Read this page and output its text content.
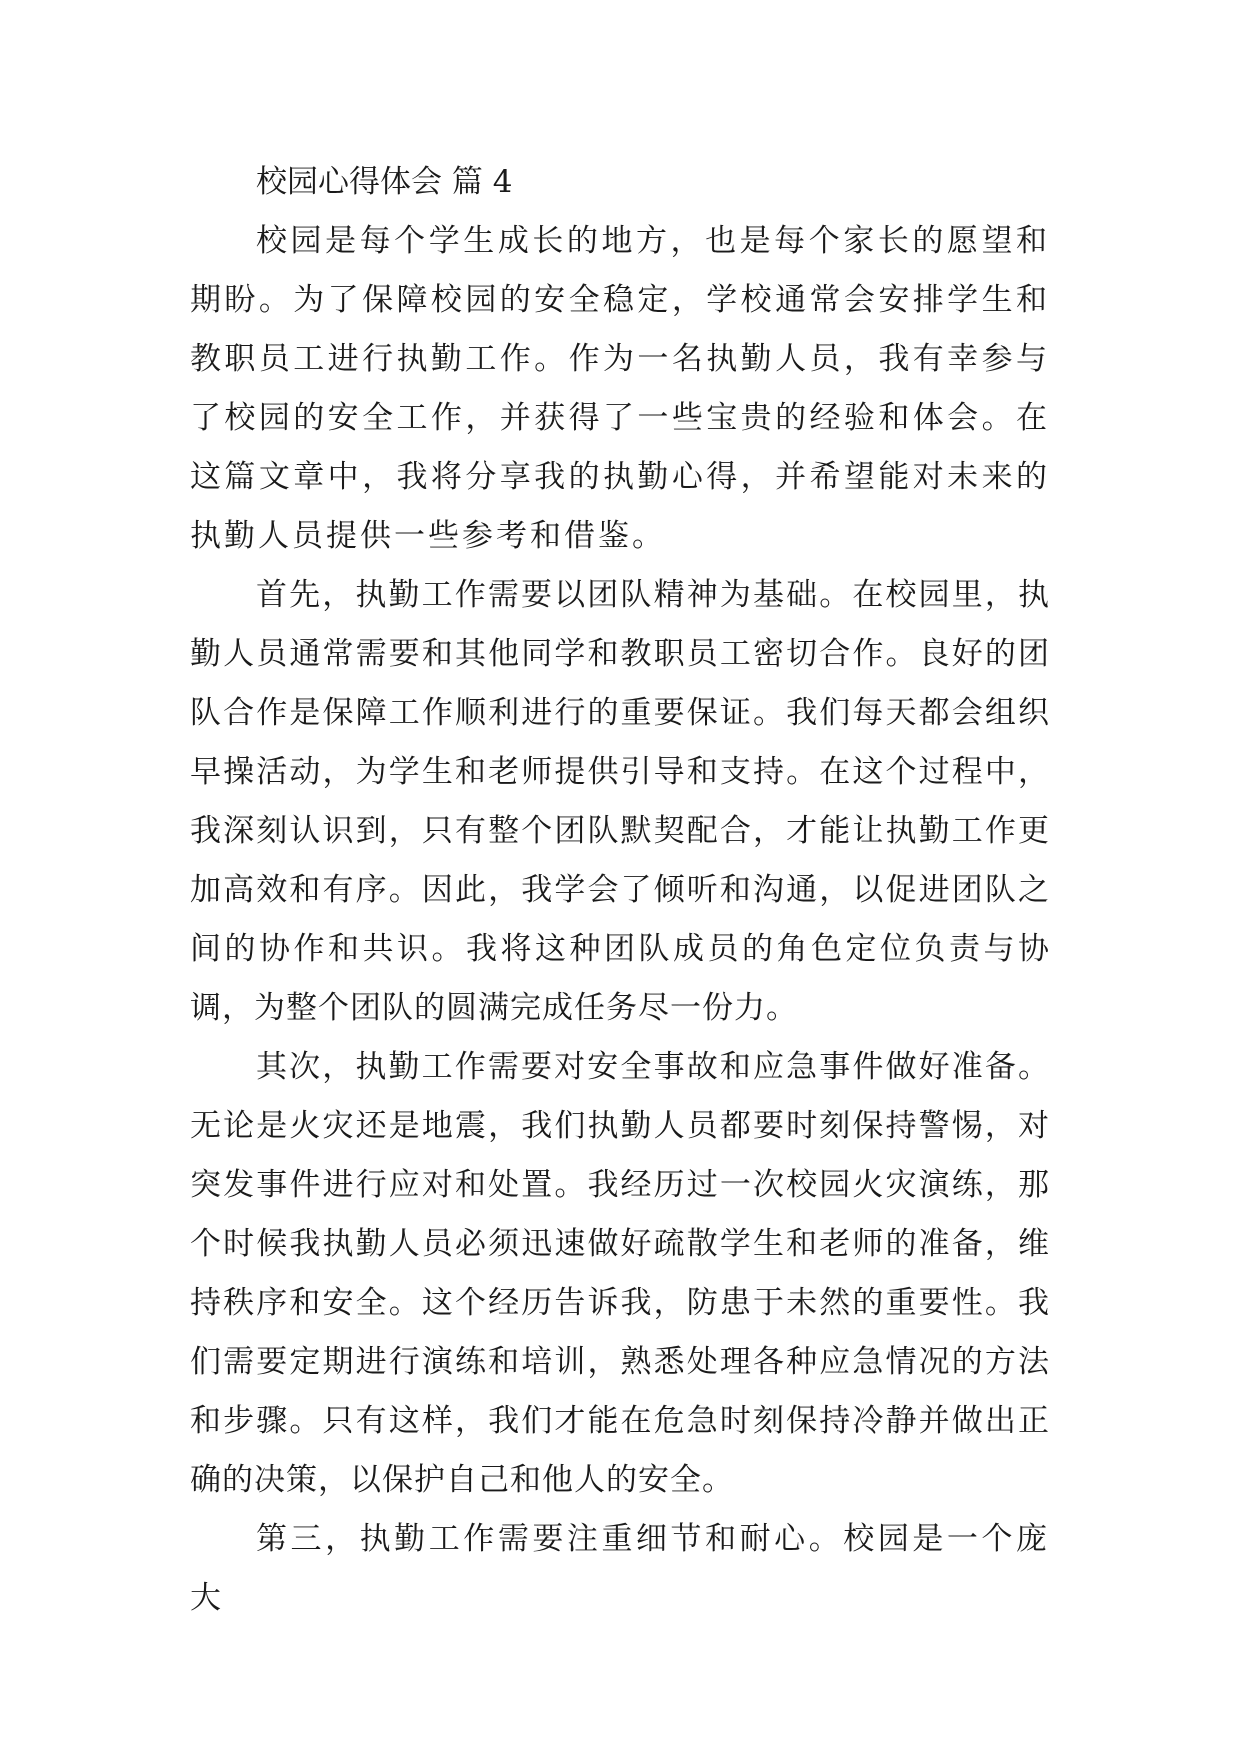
校园心得体会 篇 4

校园是每个学生成长的地方，也是每个家长的愿望和期盼。为了保障校园的安全稳定，学校通常会安排学生和教职员工进行执勤工作。作为一名执勤人员，我有幸参与了校园的安全工作，并获得了一些宝贵的经验和体会。在这篇文章中，我将分享我的执勤心得，并希望能对未来的执勤人员提供一些参考和借鉴。

首先，执勤工作需要以团队精神为基础。在校园里，执勤人员通常需要和其他同学和教职员工密切合作。良好的团队合作是保障工作顺利进行的重要保证。我们每天都会组织早操活动，为学生和老师提供引导和支持。在这个过程中，我深刻认识到，只有整个团队默契配合，才能让执勤工作更加高效和有序。因此，我学会了倾听和沟通，以促进团队之间的协作和共识。我将这种团队成员的角色定位负责与协调，为整个团队的圆满完成任务尽一份力。

其次，执勤工作需要对安全事故和应急事件做好准备。无论是火灾还是地震，我们执勤人员都要时刻保持警惕，对突发事件进行应对和处置。我经历过一次校园火灾演练，那个时候我执勤人员必须迅速做好疏散学生和老师的准备，维持秩序和安全。这个经历告诉我，防患于未然的重要性。我们需要定期进行演练和培训，熟悉处理各种应急情况的方法和步骤。只有这样，我们才能在危急时刻保持冷静并做出正确的决策，以保护自己和他人的安全。

第三，执勤工作需要注重细节和耐心。校园是一个庞大
